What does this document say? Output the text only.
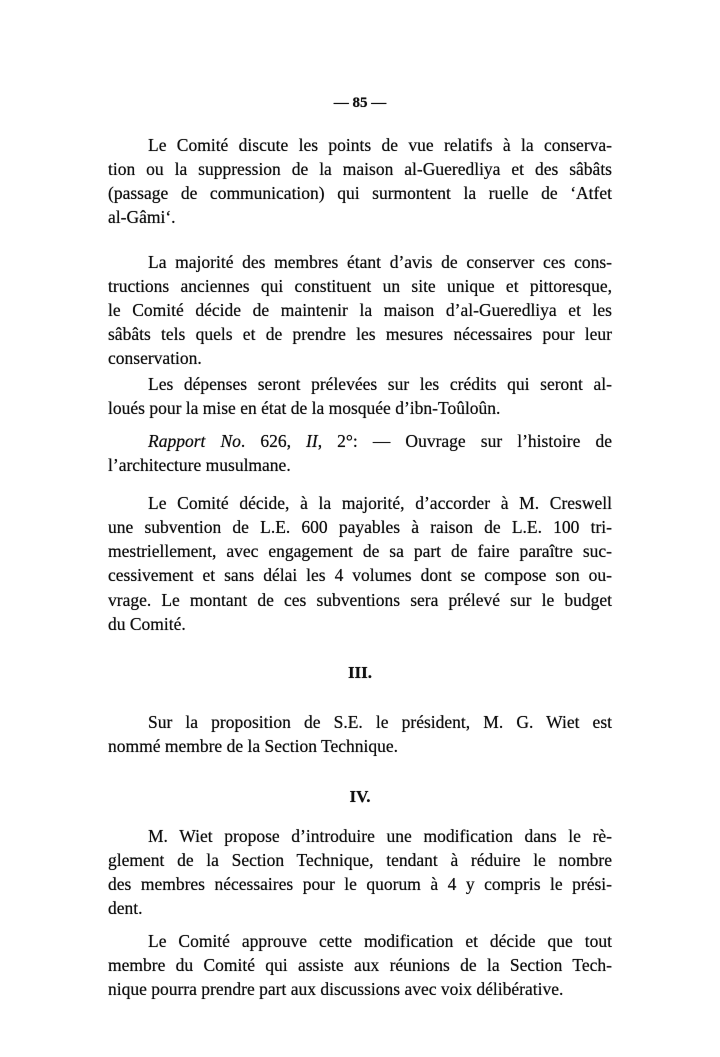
— 85 —
III.
IV.
Rapport No. 626, II, 2°: — Ouvrage sur l’histoire de
Le Comité discute les points de vue relatifs à la conserva-
tion ou la suppression de la maison al-Gueredliya et des sâbâts
(passage de communication) qui surmontent la ruelle de ‘Atfet
al-Gâmi‘.
La majorité des membres étant d’avis de conserver ces cons-
tructions anciennes qui constituent un site unique et pittoresque,
le Comité décide de maintenir la maison d’al-Gueredliya et les
sâbâts tels quels et de prendre les mesures nécessaires pour leur
conservation.
Les dépenses seront prélevées sur les crédits qui seront al-
loués pour la mise en état de la mosquée d’ibn-Toûloûn.
l’architecture musulmane.
Le Comité décide, à la majorité, d’accorder à M. Creswell
une subvention de L.E. 600 payables à raison de L.E. 100 tri-
mestriellement, avec engagement de sa part de faire paraître suc-
cessivement et sans délai les 4 volumes dont se compose son ou-
vrage. Le montant de ces subventions sera prélevé sur le budget
du Comité.
Sur la proposition de S.E. le président, M. G. Wiet est
nommé membre de la Section Technique.
M. Wiet propose d’introduire une modification dans le rè-
glement de la Section Technique, tendant à réduire le nombre
des membres nécessaires pour le quorum à 4 y compris le prési-
dent.
Le Comité approuve cette modification et décide que tout
membre du Comité qui assiste aux réunions de la Section Tech-
nique pourra prendre part aux discussions avec voix délibérative.
